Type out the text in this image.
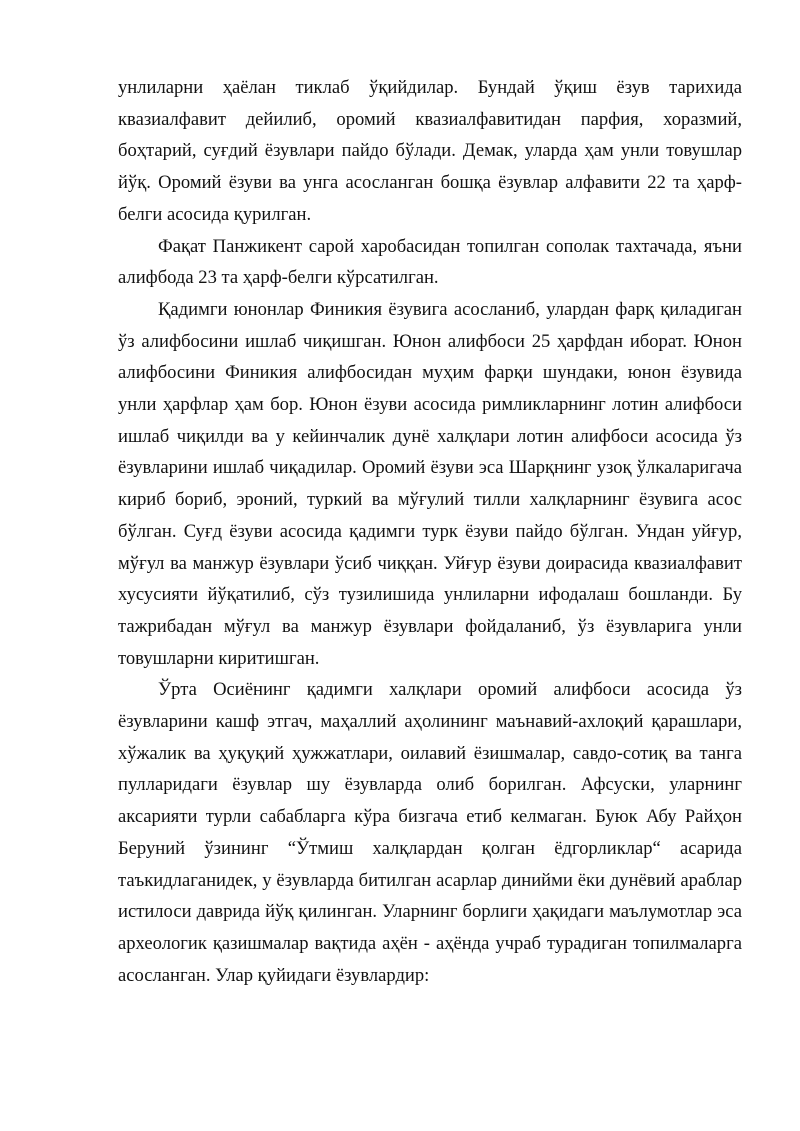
унлиларни ҳаёлан тиклаб ўқийдилар. Бундай ўқиш ёзув тарихида квазиалфавит дейилиб, оромий квазиалфавитидан парфия, хоразмий, боҳтарий, суғдий ёзувлари пайдо бўлади. Демак, уларда ҳам унли товушлар йўқ. Оромий ёзуви ва унга асосланган бошқа ёзувлар алфавити 22 та ҳарф-белги асосида қурилган.

Фақат Панжикент сарой харобасидан топилган сополак тахтачада, яъни алифбода 23 та ҳарф-белги кўрсатилган.

Қадимги юнонлар Финикия ёзувига асосланиб, улардан фарқ қиладиган ўз алифбосини ишлаб чиқишган. Юнон алифбоси 25 ҳарфдан иборат. Юнон алифбосини Финикия алифбосидан муҳим фарқи шундаки, юнон ёзувида унли ҳарфлар ҳам бор. Юнон ёзуви асосида римликларнинг лотин алифбоси ишлаб чиқилди ва у кейинчалик дунё халқлари лотин алифбоси асосида ўз ёзувларини ишлаб чиқадилар. Оромий ёзуви эса Шарқнинг узоқ ўлкаларигача кириб бориб, эроний, туркий ва мўғулий тилли халқларнинг ёзувига асос бўлган. Суғд ёзуви асосида қадимги турк ёзуви пайдо бўлган. Ундан уйғур, мўғул ва манжур ёзувлари ўсиб чиққан. Уйғур ёзуви доирасида квазиалфавит хусусияти йўқатилиб, сўз тузилишида унлиларни ифодалаш бошланди. Бу тажрибадан мўғул ва манжур ёзувлари фойдаланиб, ўз ёзувларига унли товушларни киритишган.

Ўрта Осиёнинг қадимги халқлари оромий алифбоси асосида ўз ёзувларини кашф этгач, маҳаллий аҳолининг маънавий-ахлоқий қарашлари, хўжалик ва ҳуқуқий ҳужжатлари, оилавий ёзишмалар, савдо-сотиқ ва танга пулларидаги ёзувлар шу ёзувларда олиб борилган. Афсуски, уларнинг аксарияти турли сабабларга кўра бизгача етиб келмаган. Буюк Абу Райҳон Беруний ўзининг “Ўтмиш халқлардан қолган ёдгорликлар“ асарида таъкидлаганидек, у ёзувларда битилган асарлар динийми ёки дунёвий араблар истилоси даврида йўқ қилинган. Уларнинг борлиги ҳақидаги маълумотлар эса археологик қазишмалар вақтида аҳён - аҳёнда учраб турадиган топилмаларга асосланган. Улар қуйидаги ёзувлардир:
